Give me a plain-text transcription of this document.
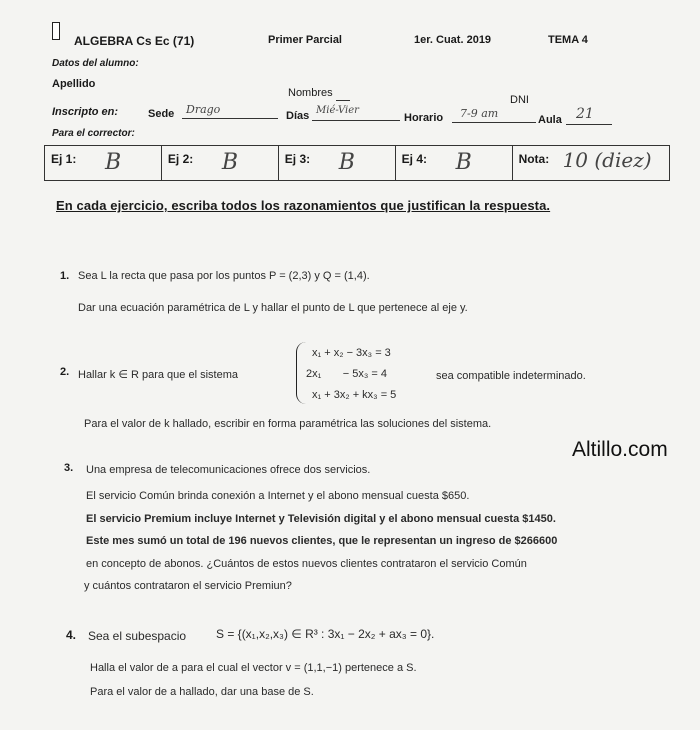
ALGEBRA Cs Ec (71)	Primer Parcial	1er. Cuat. 2019	TEMA 4
Datos del alumno:
Apellido
Nombres
DNI
Inscripto en:	Sede Drago	Días Mié-Vier
Horario 7-9 am	Aula 21
Para el corrector:
Ej 1: B	Ej 2: B	Ej 3: B	Ej 4: B	Nota: 10 (diez)
En cada ejercicio, escriba todos los razonamientos que justifican la respuesta.
1. Sea L la recta que pasa por los puntos P = (2,3) y Q = (1,4).
Dar una ecuación paramétrica de L y hallar el punto de L que pertenece al eje y.
2. Hallar k ∈ R para que el sistema
x₁ + x₂ − 3x₃ = 3
2x₁       − 5x₃ = 4
x₁ + 3x₂ + kx₃ = 5
sea compatible indeterminado.
Para el valor de k hallado, escribir en forma paramétrica las soluciones del sistema.
Altillo.com
3. Una empresa de telecomunicaciones ofrece dos servicios.
El servicio Común brinda conexión a Internet y el abono mensual cuesta $650.
El servicio Premium incluye Internet y Televisión digital y el abono mensual cuesta $1450.
Este mes sumó un total de 196 nuevos clientes, que le representan un ingreso de $266600
en concepto de abonos. ¿Cuántos de estos nuevos clientes contrataron el servicio Común
y cuántos contrataron el servicio Premiun?
4. Sea el subespacio S = {(x₁,x₂,x₃) ∈ R³ : 3x₁ − 2x₂ + ax₃ = 0}.
Halla el valor de a para el cual el vector v = (1,1,−1) pertenece a S.
Para el valor de a hallado, dar una base de S.
